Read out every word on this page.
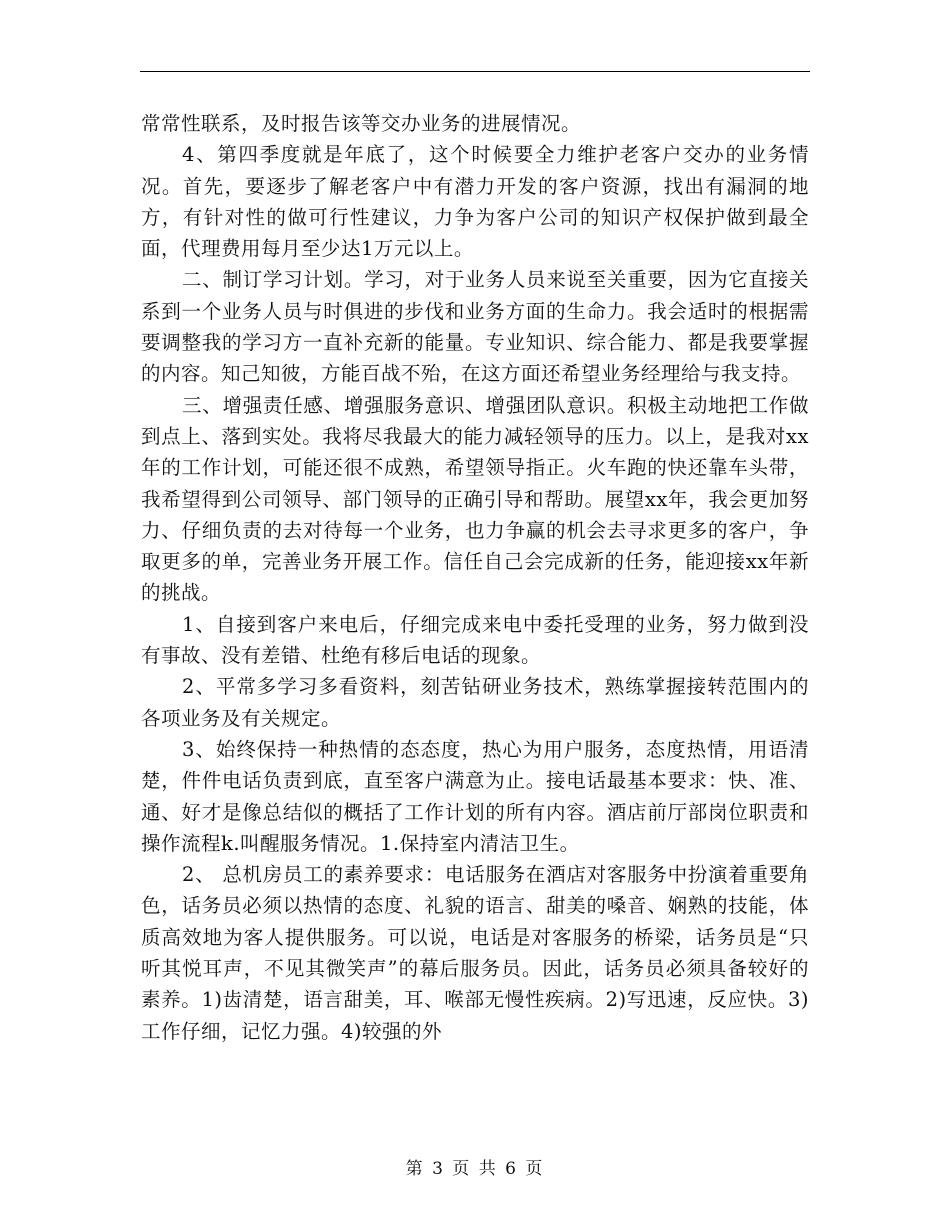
常常性联系，及时报告该等交办业务的进展情况。

4、第四季度就是年底了，这个时候要全力维护老客户交办的业务情况。首先，要逐步了解老客户中有潜力开发的客户资源，找出有漏洞的地方，有针对性的做可行性建议，力争为客户公司的知识产权保护做到最全面，代理费用每月至少达1万元以上。

二、制订学习计划。学习，对于业务人员来说至关重要，因为它直接关系到一个业务人员与时俱进的步伐和业务方面的生命力。我会适时的根据需要调整我的学习方一直补充新的能量。专业知识、综合能力、都是我要掌握的内容。知己知彼，方能百战不殆，在这方面还希望业务经理给与我支持。

三、增强责任感、增强服务意识、增强团队意识。积极主动地把工作做到点上、落到实处。我将尽我最大的能力减轻领导的压力。以上，是我对xx年的工作计划，可能还很不成熟，希望领导指正。火车跑的快还靠车头带，我希望得到公司领导、部门领导的正确引导和帮助。展望xx年，我会更加努力、仔细负责的去对待每一个业务，也力争赢的机会去寻求更多的客户，争取更多的单，完善业务开展工作。信任自己会完成新的任务，能迎接xx年新的挑战。

1、自接到客户来电后，仔细完成来电中委托受理的业务，努力做到没有事故、没有差错、杜绝有移后电话的现象。

2、平常多学习多看资料，刻苦钻研业务技术，熟练掌握接转范围内的各项业务及有关规定。

3、始终保持一种热情的态态度，热心为用户服务，态度热情，用语清楚，件件电话负责到底，直至客户满意为止。接电话最基本要求：快、准、通、好才是像总结似的概括了工作计划的所有内容。酒店前厅部岗位职责和操作流程k.叫醒服务情况。1.保持室内清洁卫生。

2、 总机房员工的素养要求：电话服务在酒店对客服务中扮演着重要角色，话务员必须以热情的态度、礼貌的语言、甜美的嗓音、娴熟的技能，体质高效地为客人提供服务。可以说，电话是对客服务的桥梁，话务员是“只听其悦耳声，不见其微笑声”的幕后服务员。因此，话务员必须具备较好的素养。1)齿清楚，语言甜美，耳、喉部无慢性疾病。2)写迅速，反应快。3)工作仔细，记忆力强。4)较强的外

第 3 页 共 6 页
